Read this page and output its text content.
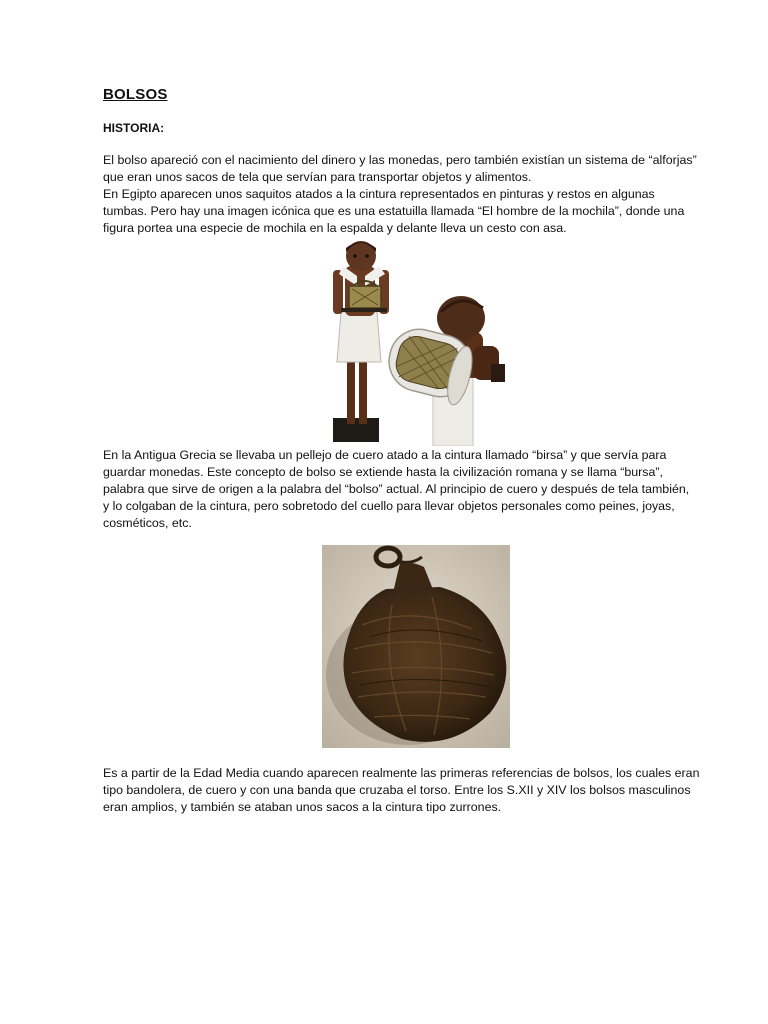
BOLSOS
HISTORIA:
El bolso apareció con el nacimiento del dinero y las monedas, pero también existían un sistema de “alforjas”
que eran unos sacos de tela que servían para transportar objetos y alimentos.
En Egipto aparecen unos saquitos atados a la cintura representados en pinturas y restos en algunas
tumbas. Pero hay una imagen icónica que es una estatuilla llamada “El hombre de la mochila”, donde una
figura portea una especie de mochila en la espalda y delante lleva un cesto con asa.
En la Antigua Grecia se llevaba un pellejo de cuero atado a la cintura llamado “birsa” y que servía para
guardar monedas. Este concepto de bolso se extiende hasta la civilización romana y se llama “bursa”,
palabra que sirve de origen a la palabra del “bolso” actual. Al principio de cuero y después de tela también,
y lo colgaban de la cintura, pero sobretodo del cuello para llevar objetos personales como peines, joyas,
cosméticos, etc.
Es a partir de la Edad Media cuando aparecen realmente las primeras referencias de bolsos, los cuales eran
tipo bandolera, de cuero y con una banda que cruzaba el torso. Entre los S.XII y XIV los bolsos masculinos
eran amplios, y también se ataban unos sacos a la cintura tipo zurrones.
